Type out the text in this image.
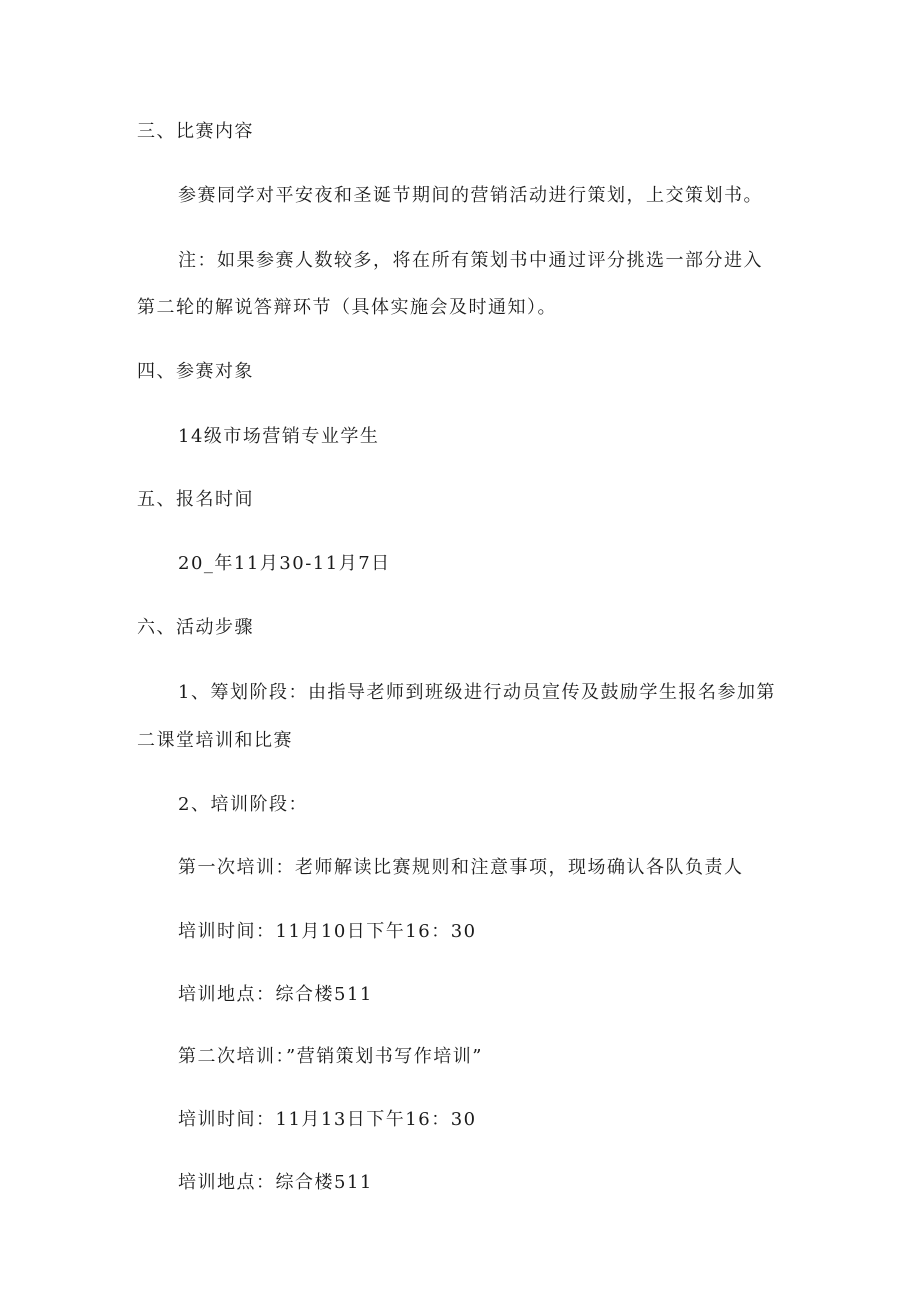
三、比赛内容
参赛同学对平安夜和圣诞节期间的营销活动进行策划，上交策划书。
注：如果参赛人数较多，将在所有策划书中通过评分挑选一部分进入
第二轮的解说答辩环节（具体实施会及时通知）。
四、参赛对象
14级市场营销专业学生
五、报名时间
20_年11月30-11月7日
六、活动步骤
1、筹划阶段：由指导老师到班级进行动员宣传及鼓励学生报名参加第
二课堂培训和比赛
2、培训阶段：
第一次培训：老师解读比赛规则和注意事项，现场确认各队负责人
培训时间：11月10日下午16：30
培训地点：综合楼511
第二次培训：”营销策划书写作培训”
培训时间：11月13日下午16：30
培训地点：综合楼511
